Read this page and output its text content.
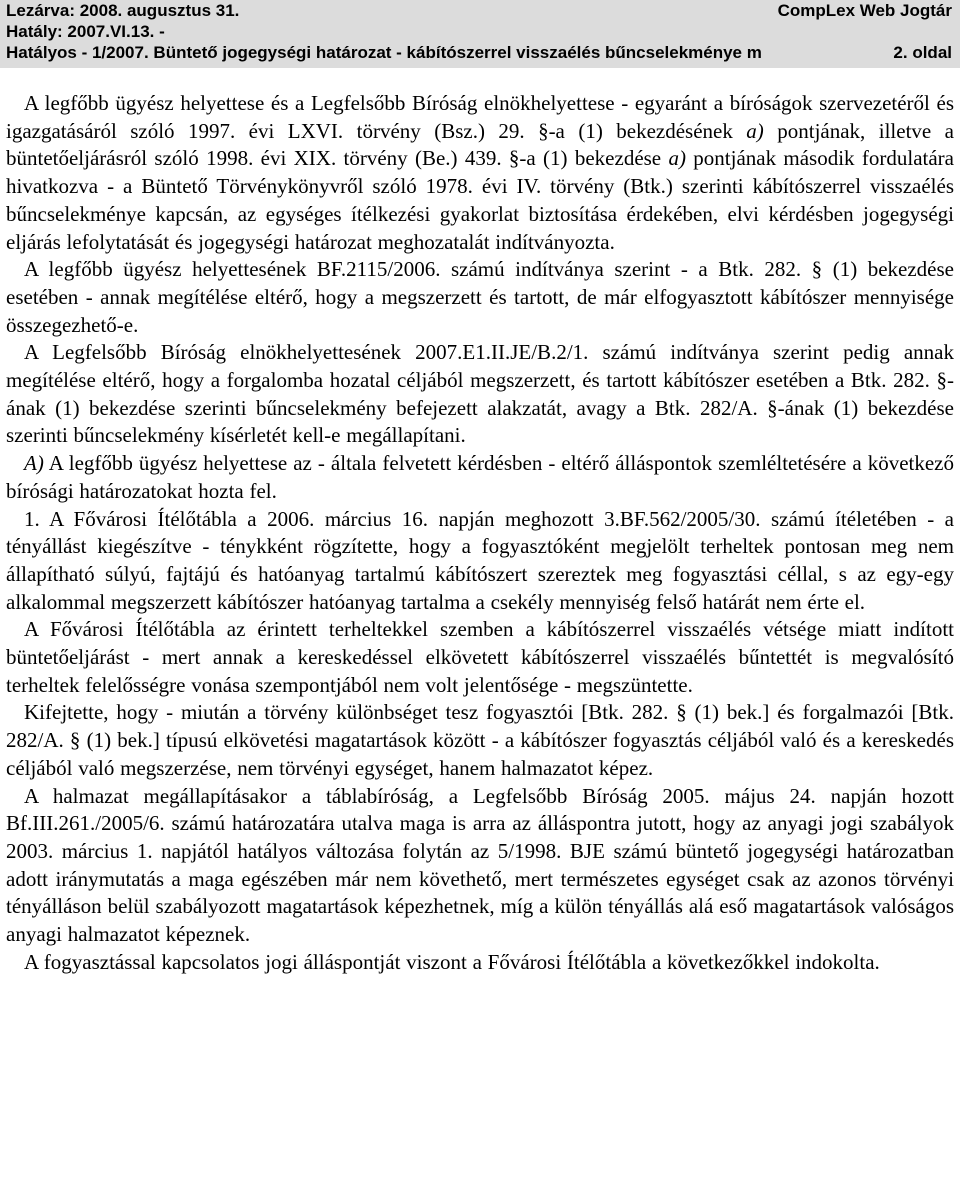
Lezárva: 2008. augusztus 31.	CompLex Web Jogtár
Hatály: 2007.VI.13. -
Hatályos - 1/2007. Büntető jogegységi határozat - kábítószerrel visszaélés bűncselekménye m	2. oldal

A legfőbb ügyész helyettese és a Legfelsőbb Bíróság elnökhelyettese - egyaránt a bíróságok szervezetéről és igazgatásáról szóló 1997. évi LXVI. törvény (Bsz.) 29. §-a (1) bekezdésének a) pontjának, illetve a büntetőeljárásról szóló 1998. évi XIX. törvény (Be.) 439. §-a (1) bekezdése a) pontjának második fordulatára hivatkozva - a Büntető Törvénykönyvről szóló 1978. évi IV. törvény (Btk.) szerinti kábítószerrel visszaélés bűncselekménye kapcsán, az egységes ítélkezési gyakorlat biztosítása érdekében, elvi kérdésben jogegységi eljárás lefolytatását és jogegységi határozat meghozatalát indítványozta.

A legfőbb ügyész helyettesének BF.2115/2006. számú indítványa szerint - a Btk. 282. § (1) bekezdése esetében - annak megítélése eltérő, hogy a megszerzett és tartott, de már elfogyasztott kábítószer mennyisége összegezhető-e.

A Legfelsőbb Bíróság elnökhelyettesének 2007.E1.II.JE/B.2/1. számú indítványa szerint pedig annak megítélése eltérő, hogy a forgalomba hozatal céljából megszerzett, és tartott kábítószer esetében a Btk. 282. §-ának (1) bekezdése szerinti bűncselekmény befejezett alakzatát, avagy a Btk. 282/A. §-ának (1) bekezdése szerinti bűncselekmény kísérletét kell-e megállapítani.

A) A legfőbb ügyész helyettese az - általa felvetett kérdésben - eltérő álláspontok szemléltetésére a következő bírósági határozatokat hozta fel.

1. A Fővárosi Ítélőtábla a 2006. március 16. napján meghozott 3.BF.562/2005/30. számú ítéletében - a tényállást kiegészítve - ténykként rögzítette, hogy a fogyasztóként megjelölt terheltek pontosan meg nem állapítható súlyú, fajtájú és hatóanyag tartalmú kábítószert szereztek meg fogyasztási céllal, s az egy-egy alkalommal megszerzett kábítószer hatóanyag tartalma a csekély mennyiség felső határát nem érte el.

A Fővárosi Ítélőtábla az érintett terheltekkel szemben a kábítószerrel visszaélés vétsége miatt indított büntetőeljárást - mert annak a kereskedéssel elkövetett kábítószerrel visszaélés bűntettét is megvalósító terheltek felelősségre vonása szempontjából nem volt jelentősége - megszüntette.

Kifejtette, hogy - miután a törvény különbséget tesz fogyasztói [Btk. 282. § (1) bek.] és forgalmazói [Btk. 282/A. § (1) bek.] típusú elkövetési magatartások között - a kábítószer fogyasztás céljából való és a kereskedés céljából való megszerzése, nem törvényi egységet, hanem halmazatot képez.

A halmazat megállapításakor a táblabíróság, a Legfelsőbb Bíróság 2005. május 24. napján hozott Bf.III.261./2005/6. számú határozatára utalva maga is arra az álláspontra jutott, hogy az anyagi jogi szabályok 2003. március 1. napjától hatályos változása folytán az 5/1998. BJE számú büntető jogegységi határozatban adott iránymutatás a maga egészében már nem követhető, mert természetes egységet csak az azonos törvényi tényálláson belül szabályozott magatartások képezhetnek, míg a külön tényállás alá eső magatartások valóságos anyagi halmazatot képeznek.

A fogyasztással kapcsolatos jogi álláspontját viszont a Fővárosi Ítélőtábla a következőkkel indokolta.
